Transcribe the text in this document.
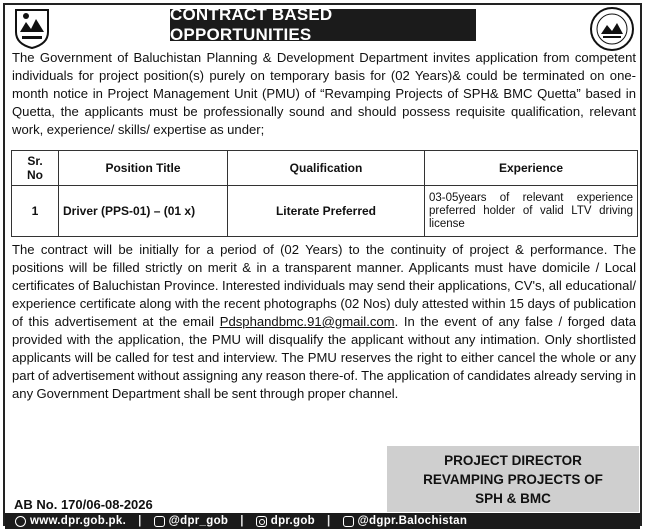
CONTRACT BASED OPPORTUNITIES
The Government of Baluchistan Planning & Development Department invites application from competent individuals for project position(s) purely on temporary basis for (02 Years)& could be terminated on one- month notice in Project Management Unit (PMU) of “Revamping Projects of SPH& BMC Quetta” based in Quetta, the applicants must be professionally sound and should possess requisite qualification, relevant work, experience/ skills/ expertise as under;
Sr.
No	Position Title	Qualification	Experience
1	Driver (PPS-01) – (01 x)	Literate Preferred	03-05years of relevant experience preferred holder of valid LTV driving license
The contract will be initially for a period of (02 Years) to the continuity of project & performance. The positions will be filled strictly on merit & in a transparent manner. Applicants must have domicile / Local certificates of Baluchistan Province. Interested individuals may send their applications, CV's, all educational/ experience certificate along with the recent photographs (02 Nos) duly attested within 15 days of publication of this advertisement at the email Pdsphandbmc.91@gmail.com. In the event of any false / forged data provided with the application, the PMU will disqualify the applicant without any intimation. Only shortlisted applicants will be called for test and interview. The PMU reserves the right to either cancel the whole or any part of advertisement without assigning any reason there-of. The application of candidates already serving in any Government Department shall be sent through proper channel.
PROJECT DIRECTOR
REVAMPING PROJECTS OF
SPH & BMC
AB No. 170/06-08-2026
www.dpr.gob.pk. | @dpr_gob | dpr.gob | @dgpr.Balochistan
